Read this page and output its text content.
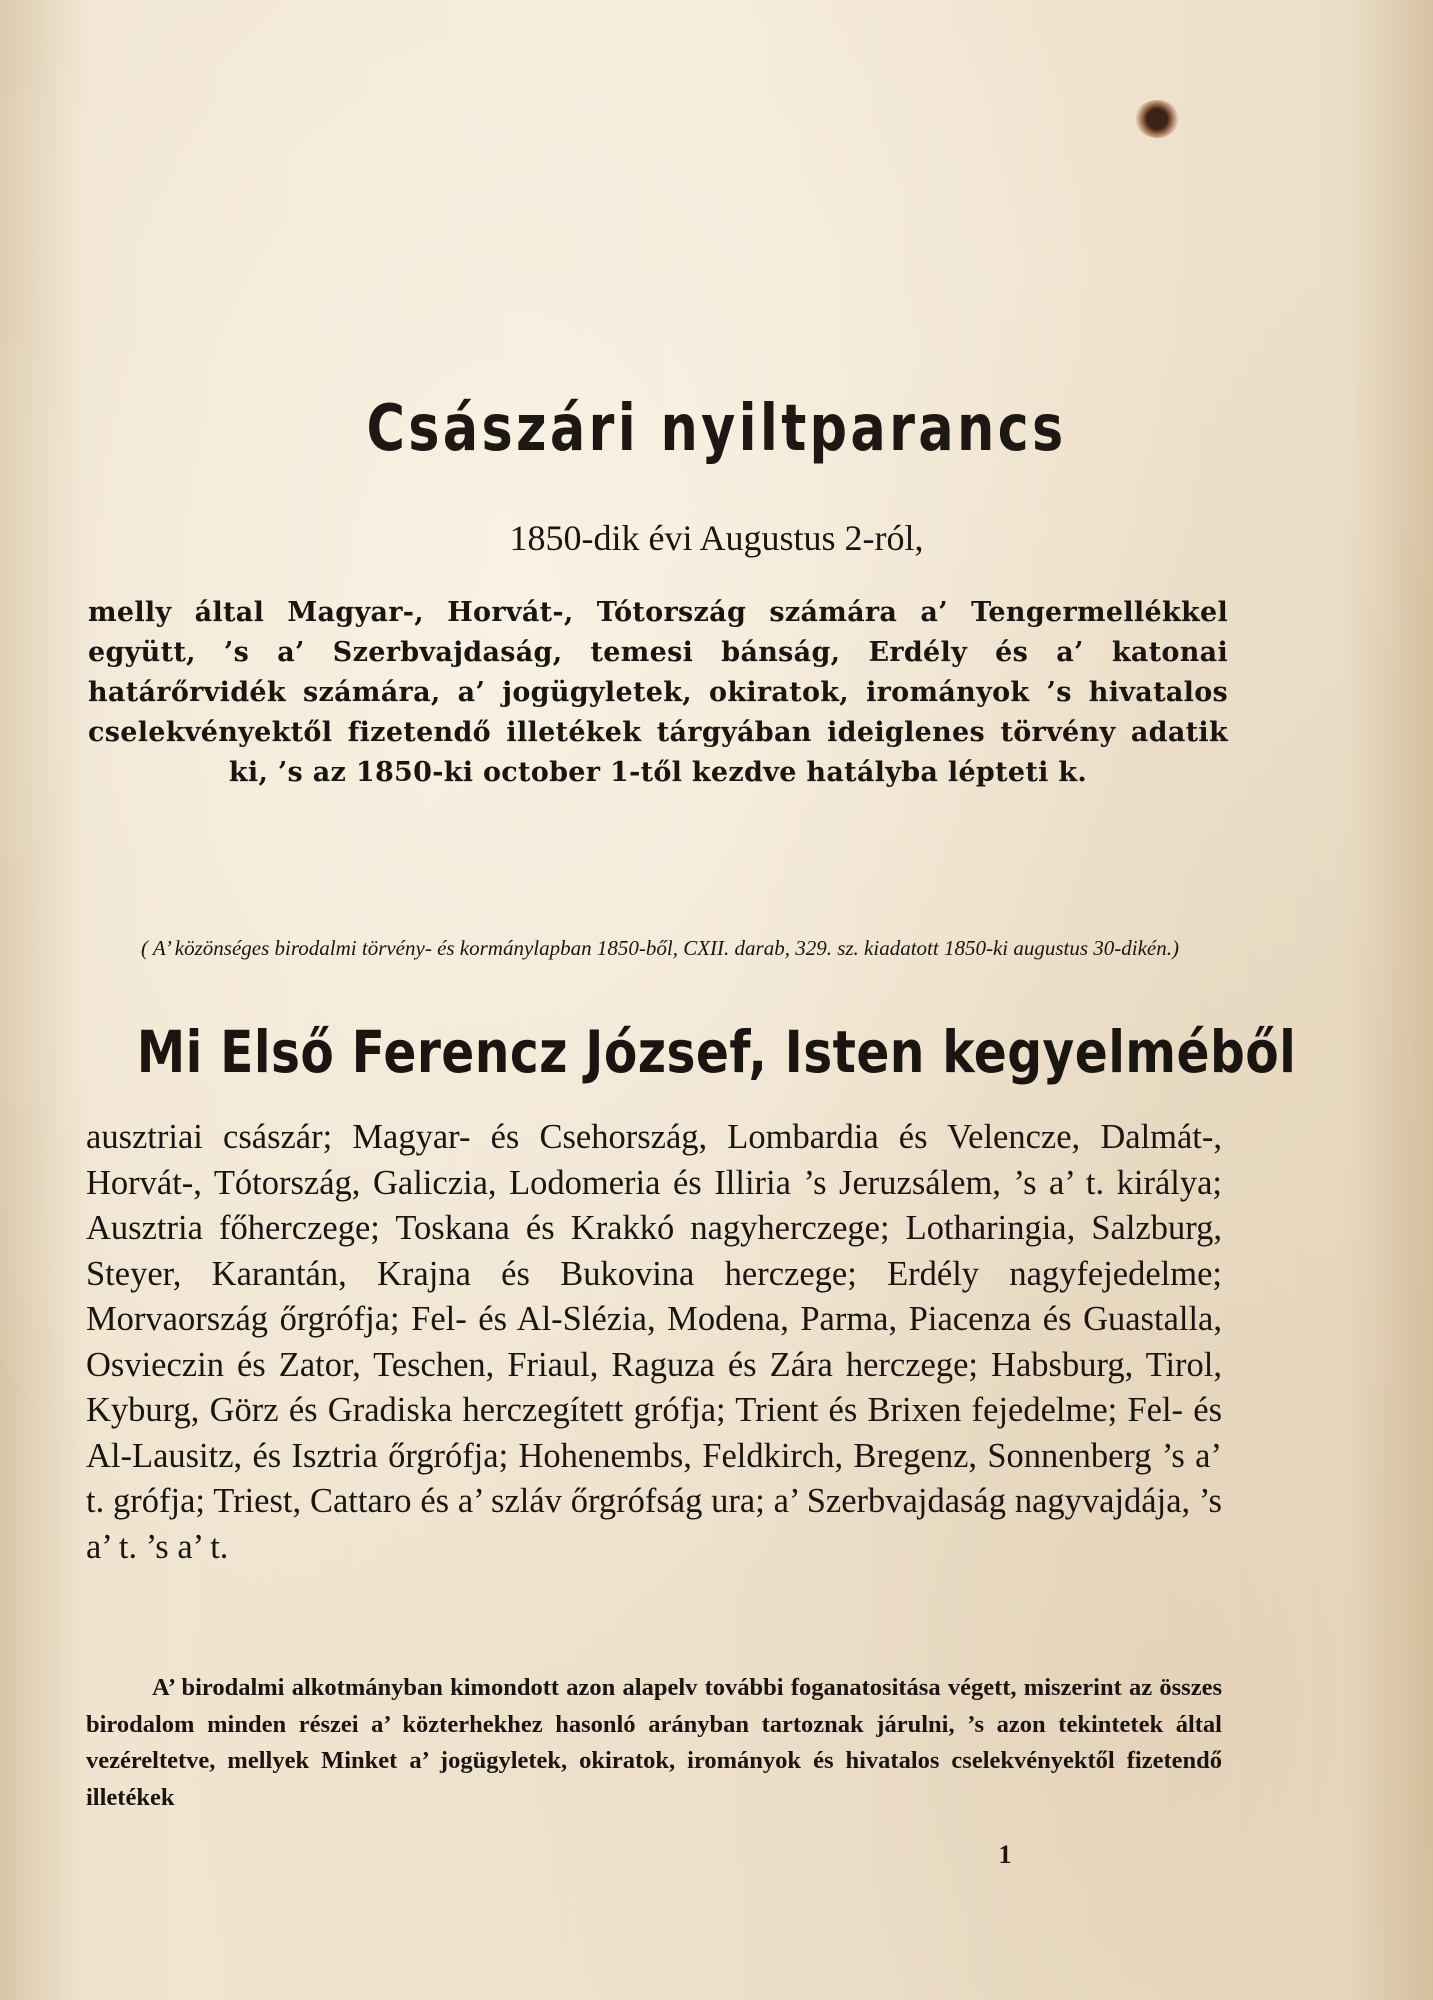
Császári nyiltparancs
1850-dik évi Augustus 2-ról,
melly által Magyar-, Horvát-, Tótország számára a’ Tengermellékkel együtt, ’s a’ Szerbvajdaság, temesi bánság, Erdély és a’ katonai határőrvidék számára, a’ jogügyletek, okiratok, irományok ’s hivatalos cselekvényektől fizetendő illetékek tárgyában ideiglenes törvény adatik ki, ’s az 1850-ki october 1-től kezdve hatályba lépteti k.
( A’ közönséges birodalmi törvény- és kormánylapban 1850-ből, CXII. darab, 329. sz. kiadatott 1850-ki augustus 30-dikén.)
Mi Első Ferencz József, Isten kegyelméből
ausztriai császár; Magyar- és Csehország, Lombardia és Velencze, Dalmát-, Horvát-, Tótország, Galiczia, Lodomeria és Illiria ’s Jeruzsálem, ’s a’ t. királya; Ausztria főherczege; Toskana és Krakkó nagyherczege; Lotharingia, Salzburg, Steyer, Karantán, Krajna és Bukovina herczege; Erdély nagyfejedelme; Morvaország őrgrófja; Fel- és Al-Slézia, Modena, Parma, Piacenza és Guastalla, Osvieczin és Zator, Teschen, Friaul, Raguza és Zára herczege; Habsburg, Tirol, Kyburg, Görz és Gradiska herczegített grófja; Trient és Brixen fejedelme; Fel- és Al-Lausitz, és Isztria őrgrófja; Hohenembs, Feldkirch, Bregenz, Sonnenberg ’s a’ t. grófja; Triest, Cattaro és a’ szláv őrgrófság ura; a’ Szerbvajdaság nagyvajdája, ’s a’ t. ’s a’ t.
A’ birodalmi alkotmányban kimondott azon alapelv további foganatositása végett, miszerint az összes birodalom minden részei a’ közterhekhez hasonló arányban tartoznak járulni, ’s azon tekintetek által vezéreltetve, mellyek Minket a’ jogügyletek, okiratok, irományok és hivatalos cselekvényektől fizetendő illetékek
1
